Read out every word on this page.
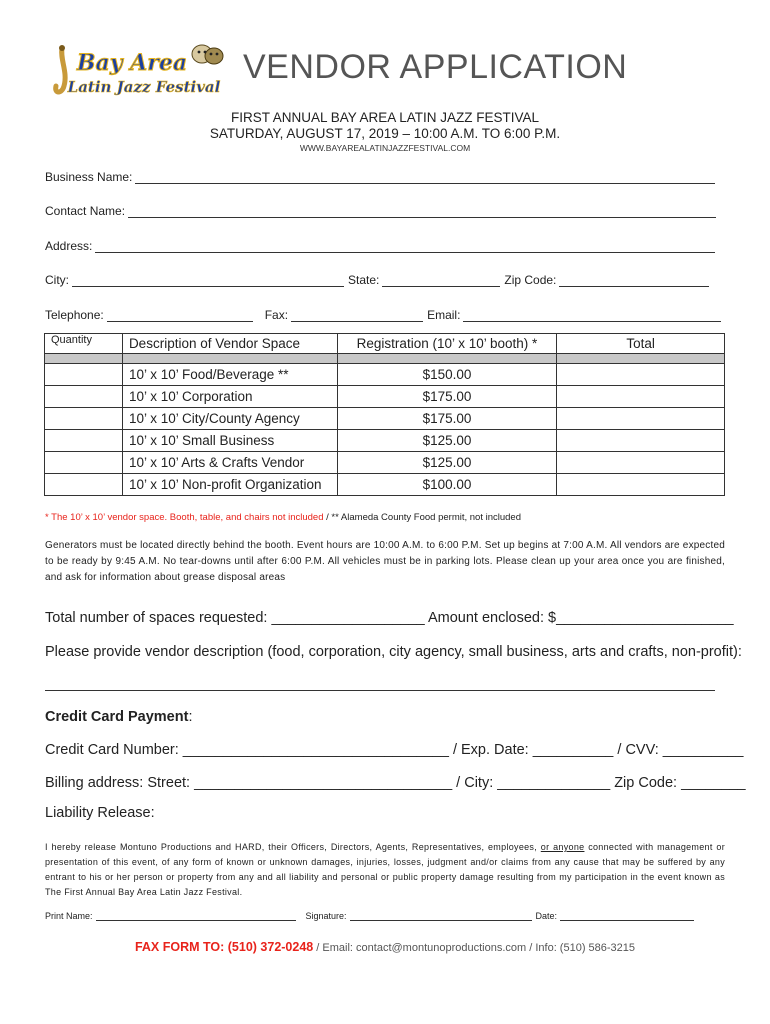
Bay Area
Latin Jazz Festival
VENDOR APPLICATION
FIRST ANNUAL BAY AREA LATIN JAZZ FESTIVAL
SATURDAY, AUGUST 17, 2019 – 10:00 A.M. TO 6:00 P.M.
WWW.BAYAREALATINJAZZFESTIVAL.COM
Business Name:
Contact Name:
Address:
City:	State:	Zip Code:
Telephone:	Fax:	Email:
Quantity	Description of Vendor Space	Registration (10’ x 10’ booth) *	Total

	10’ x 10’ Food/Beverage **	$150.00	
	10’ x 10’ Corporation	$175.00	
	10’ x 10’ City/County Agency	$175.00	
	10’ x 10’ Small Business	$125.00	
	10’ x 10’ Arts & Crafts Vendor	$125.00	
	10’ x 10’ Non-profit Organization	$100.00	
* The 10’ x 10’ vendor space. Booth, table, and chairs not included / ** Alameda County Food permit, not included
Generators must be located directly behind the booth. Event hours are 10:00 A.M. to 6:00 P.M. Set up begins at 7:00 A.M. All vendors are expected to be ready by 9:45 A.M. No tear-downs until after 6:00 P.M. All vehicles must be in parking lots. Please clean up your area once you are finished, and ask for information about grease disposal areas
Total number of spaces requested: ___________________ Amount enclosed: $______________________
Please provide vendor description (food, corporation, city agency, small business, arts and crafts, non-profit):
Credit Card Payment:
Credit Card Number: _________________________________ / Exp. Date: __________ / CVV: __________
Billing address: Street: ________________________________ / City: ______________ Zip Code: ________
Liability Release:
I hereby release Montuno Productions and HARD, their Officers, Directors, Agents, Representatives, employees, or anyone connected with management or presentation of this event, of any form of known or unknown damages, injuries, losses, judgment and/or claims from any cause that may be suffered by any entrant to his or her person or property from any and all liability and personal or public property damage resulting from my participation in the event known as The First Annual Bay Area Latin Jazz Festival.
Print Name:	Signature:	Date:
FAX FORM TO: (510) 372-0248 / Email: contact@montunoproductions.com / Info: (510) 586-3215
